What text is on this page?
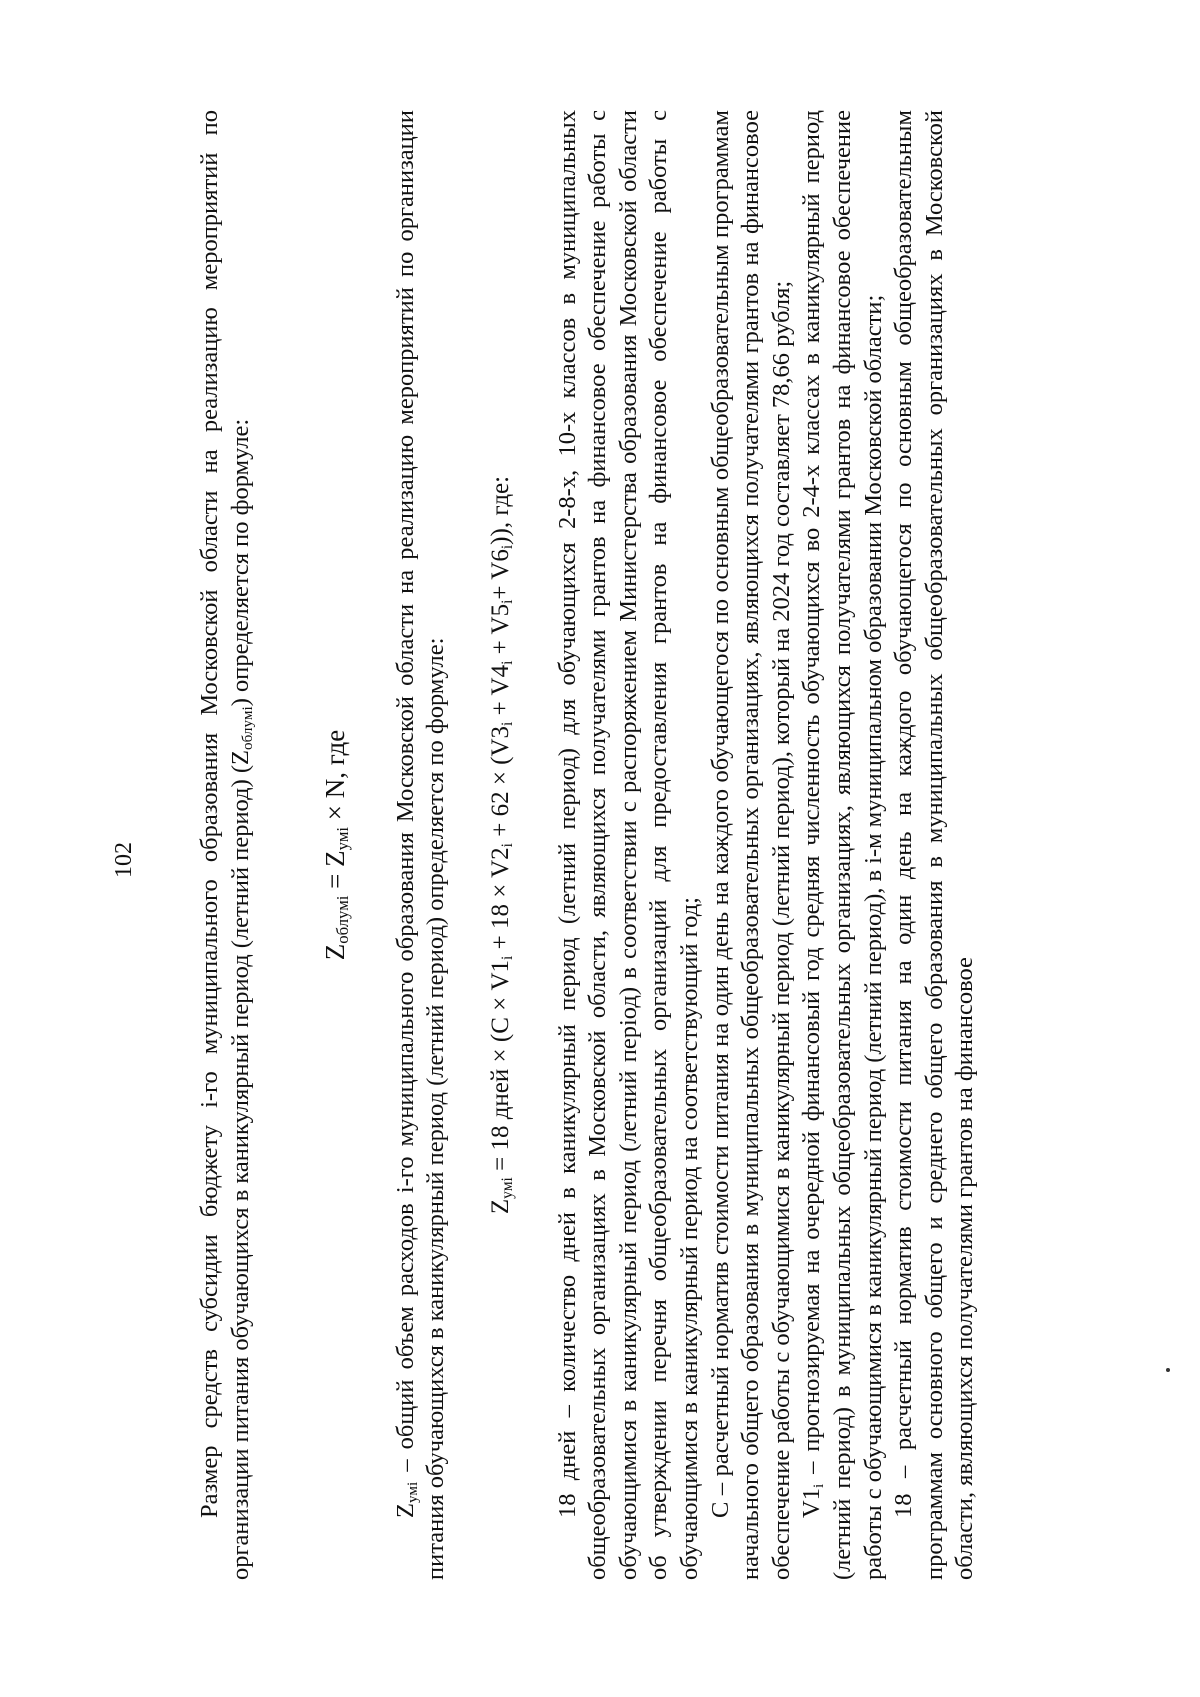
102 Размер средств субсидии бюджету i-го муниципального образования Московской области на реализацию мероприятий по организации питания обучающихся в каникулярный период (летний период) $(Z_{облумi})$ определяется по формуле:

$Z_{облумi} = Z_{умi} \times N$, где

$Z_{умi}$ – общий объем расходов i-го муниципального образования Московской области на реализацию мероприятий по организации питания обучающихся в каникулярный период (летний период) определяется по формуле: $Z_{умi} = 18$ дней × $(С \times V1_i + 18 \times V2_i + 62 \times (V3_i + V4_i + V5_i+ V6_i))$, где: 18 дней – количество дней в каникулярный период (летний период) для обучающихся 2-8-х, 10-х классов в муниципальных общеобразовательных организациях в Московской области, являющихся получателями грантов на финансовое обеспечение работы с обучающимися в каникулярный период (летний перiод) в соответствии с распоряжением Министерства образования Московской области об утверждении перечня общеобразовательных организаций для предоставления грантов на финансовое обеспечение работы с обучающимися в каникулярный период на соответствующий год; С – расчетный норматив стоимости питания на один день на каждого обучающегося по основным общеобразовательным программам начального общего образования в муниципальных общеобразовательных организациях, являющихся получателями грантов на финансовое обеспечение работы с обучающимися в каникулярный период (летний период), который на 2024 год составляет 78,66 рубля; $V1_i$ – прогнозируемая на очередной финансовый год средняя численность обучающихся во 2-4-х классах в каникулярный период (летний период) в муниципальных общеобразовательных организациях, являющихся получателями грантов на финансовое обеспечение работы с обучающимися в каникулярный период (летний период), в i-м муниципальном образовании Московской области; 18 – расчетный норматив стоимости питания на один день на каждого обучающегося по основным общеобразовательным программам основного общего и среднего общего образования в муниципальных общеобразовательных организациях в Московской области, являющихся получателями грантов на финансовое
